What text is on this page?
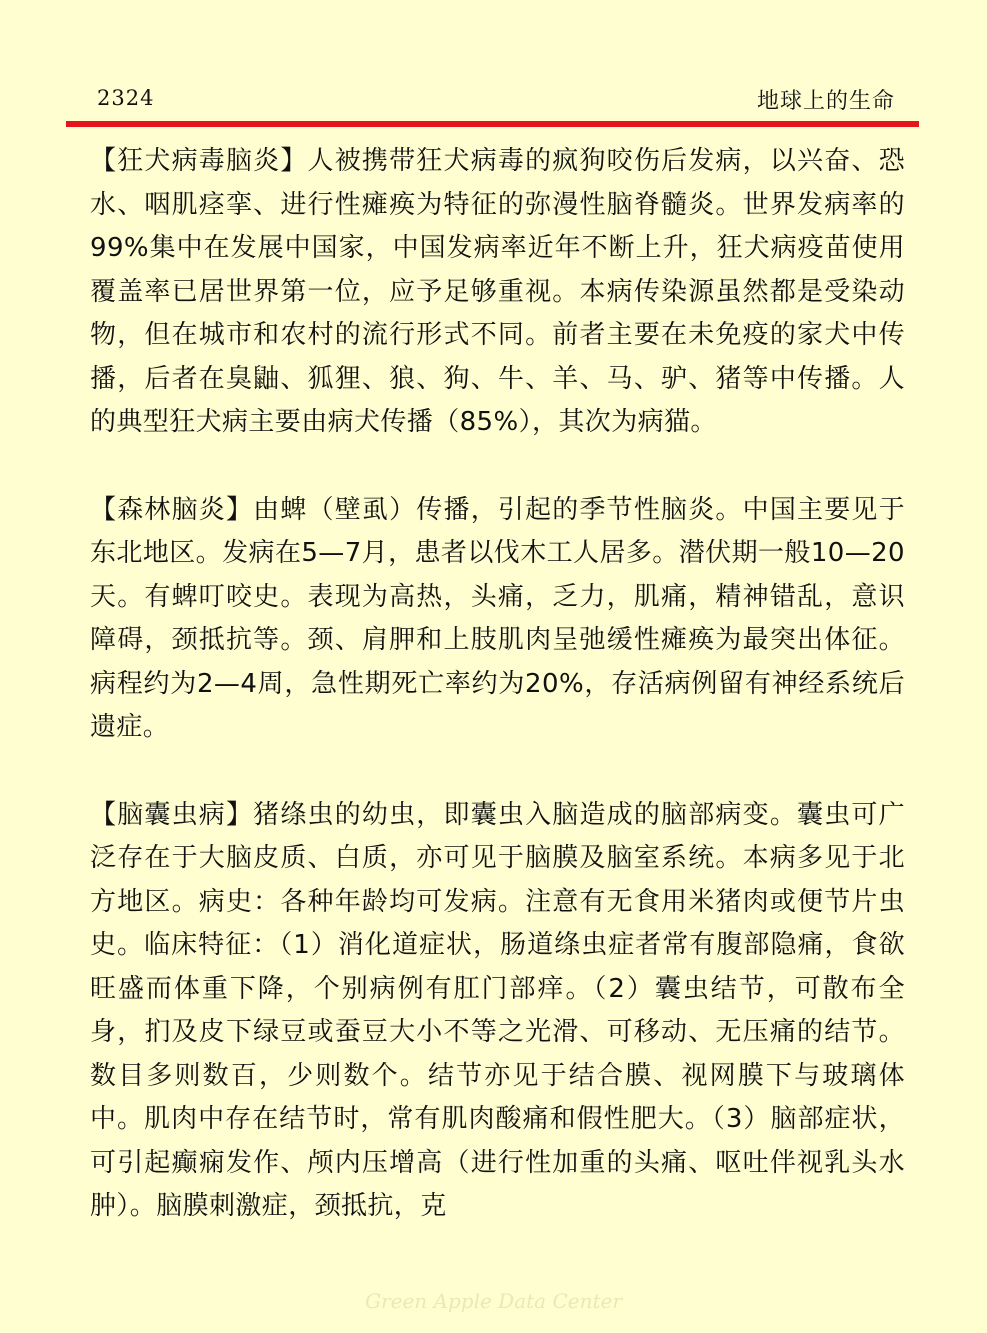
2324	地球上的生命

【狂犬病毒脑炎】人被携带狂犬病毒的疯狗咬伤后发病，以兴奋、恐水、咽肌痉挛、进行性瘫痪为特征的弥漫性脑脊髓炎。世界发病率的99%集中在发展中国家，中国发病率近年不断上升，狂犬病疫苗使用覆盖率已居世界第一位，应予足够重视。本病传染源虽然都是受染动物，但在城市和农村的流行形式不同。前者主要在未免疫的家犬中传播，后者在臭鼬、狐狸、狼、狗、牛、羊、马、驴、猪等中传播。人的典型狂犬病主要由病犬传播（85%），其次为病猫。

【森林脑炎】由蜱（壁虱）传播，引起的季节性脑炎。中国主要见于东北地区。发病在5—7月，患者以伐木工人居多。潜伏期一般10—20天。有蜱叮咬史。表现为高热，头痛，乏力，肌痛，精神错乱，意识障碍，颈抵抗等。颈、肩胛和上肢肌肉呈弛缓性瘫痪为最突出体征。病程约为2—4周，急性期死亡率约为20%，存活病例留有神经系统后遗症。

【脑囊虫病】猪绦虫的幼虫，即囊虫入脑造成的脑部病变。囊虫可广泛存在于大脑皮质、白质，亦可见于脑膜及脑室系统。本病多见于北方地区。病史：各种年龄均可发病。注意有无食用米猪肉或便节片虫史。临床特征：（1）消化道症状，肠道绦虫症者常有腹部隐痛，食欲旺盛而体重下降，个别病例有肛门部痒。（2）囊虫结节，可散布全身，扪及皮下绿豆或蚕豆大小不等之光滑、可移动、无压痛的结节。数目多则数百，少则数个。结节亦见于结合膜、视网膜下与玻璃体中。肌肉中存在结节时，常有肌肉酸痛和假性肥大。（3）脑部症状，可引起癫痫发作、颅内压增高（进行性加重的头痛、呕吐伴视乳头水肿）。脑膜刺激症，颈抵抗，克

Green Apple Data Center
